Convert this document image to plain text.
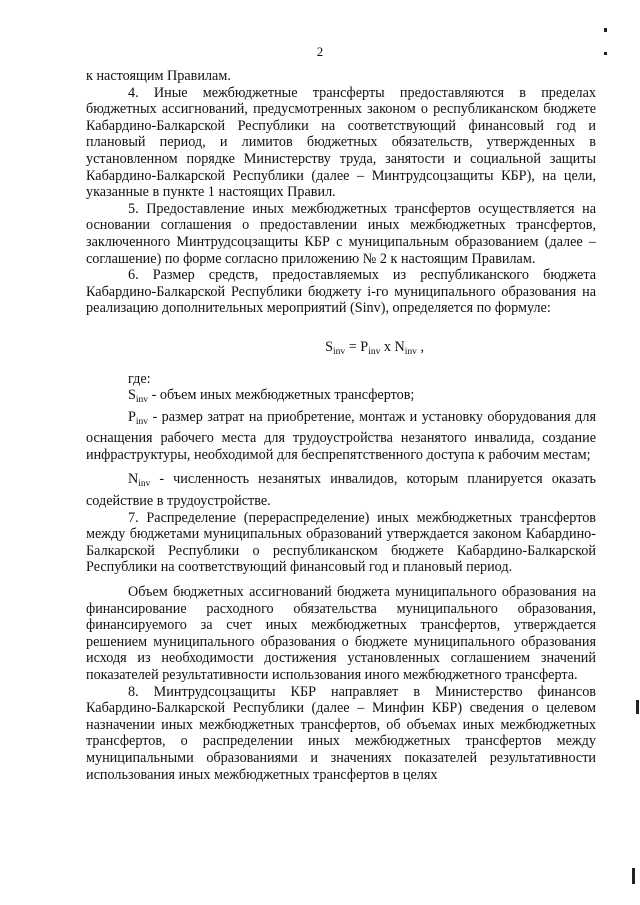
2

к настоящим Правилам.

4. Иные межбюджетные трансферты предоставляются в пределах бюджетных ассигнований, предусмотренных законом о республиканском бюджете Кабардино-Балкарской Республики на соответствующий финансовый год и плановый период, и лимитов бюджетных обязательств, утвержденных в установленном порядке Министерству труда, занятости и социальной защиты Кабардино-Балкарской Республики (далее – Минтрудсоцзащиты КБР), на цели, указанные в пункте 1 настоящих Правил.

5. Предоставление иных межбюджетных трансфертов осуществляется на основании соглашения о предоставлении иных межбюджетных трансфертов, заключенного Минтрудсоцзащиты КБР с муниципальным образованием (далее – соглашение) по форме согласно приложению № 2 к настоящим Правилам.

6. Размер средств, предоставляемых из республиканского бюджета Кабардино-Балкарской Республики бюджету i-го муниципального образования на реализацию дополнительных мероприятий (Sinv), определяется по формуле:

$S_{inv} = P_{inv}$ x $N_{inv}$ ,

где:

$S_{inv}$ - объем иных межбюджетных трансфертов;

$P_{inv}$ - размер затрат на приобретение, монтаж и установку оборудования для оснащения рабочего места для трудоустройства незанятого инвалида, создание инфраструктуры, необходимой для беспрепятственного доступа к рабочим местам;

$N_{inv}$ - численность незанятых инвалидов, которым планируется оказать содействие в трудоустройстве.

7. Распределение (перераспределение) иных межбюджетных трансфертов между бюджетами муниципальных образований утверждается законом Кабардино-Балкарской Республики о республиканском бюджете Кабардино-Балкарской Республики на соответствующий финансовый год и плановый период.

Объем бюджетных ассигнований бюджета муниципального образования на финансирование расходного обязательства муниципального образования, финансируемого за счет иных межбюджетных трансфертов, утверждается решением муниципального образования о бюджете муниципального образования исходя из необходимости достижения установленных соглашением значений показателей результативности использования иного межбюджетного трансферта.

8. Минтрудсоцзащиты КБР направляет в Министерство финансов Кабардино-Балкарской Республики (далее – Минфин КБР) сведения о целевом назначении иных межбюджетных трансфертов, об объемах иных межбюджетных трансфертов, о распределении иных межбюджетных трансфертов между муниципальными образованиями и значениях показателей результативности использования иных межбюджетных трансфертов в целях
